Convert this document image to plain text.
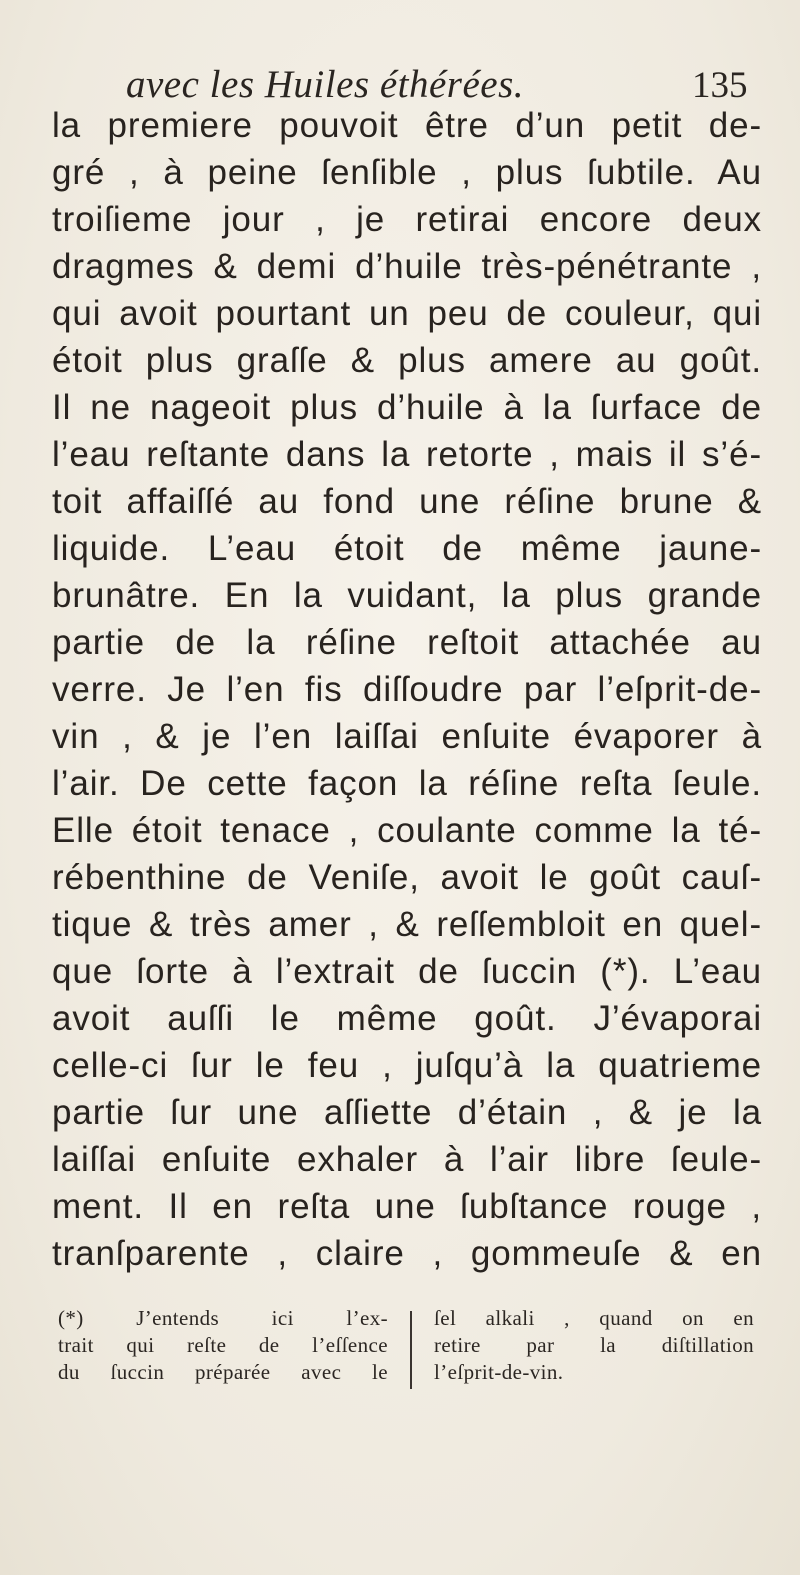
avec les Huiles éthérées.	135
la premiere pouvoit être d’un petit de-
gré , à peine ſenſible , plus ſubtile. Au
troiſieme jour , je retirai encore deux
dragmes & demi d’huile très-pénétrante ,
qui avoit pourtant un peu de couleur, qui
étoit plus graſſe & plus amere au goût.
Il ne nageoit plus d’huile à la ſurface de
l’eau reſtante dans la retorte , mais il s’é-
toit affaiſſé au fond une réſine brune &
liquide. L’eau étoit de même jaune-
brunâtre. En la vuidant, la plus grande
partie de la réſine reſtoit attachée au
verre. Je l’en fis diſſoudre par l’eſprit-de-
vin , & je l’en laiſſai enſuite évaporer à
l’air. De cette façon la réſine reſta ſeule.
Elle étoit tenace , coulante comme la té-
rébenthine de Veniſe, avoit le goût cauſ-
tique & très amer , & reſſembloit en quel-
que ſorte à l’extrait de ſuccin (*). L’eau
avoit auſſi le même goût. J’évaporai
celle-ci ſur le feu , juſqu’à la quatrieme
partie ſur une aſſiette d’étain , & je la
laiſſai enſuite exhaler à l’air libre ſeule-
ment. Il en reſta une ſubſtance rouge ,
tranſparente , claire , gommeuſe & en
(*) J’entends ici l’ex-
trait qui reſte de l’eſſence
du ſuccin préparée avec le
ſel alkali , quand on en
retire par la diſtillation
l’eſprit-de-vin.
